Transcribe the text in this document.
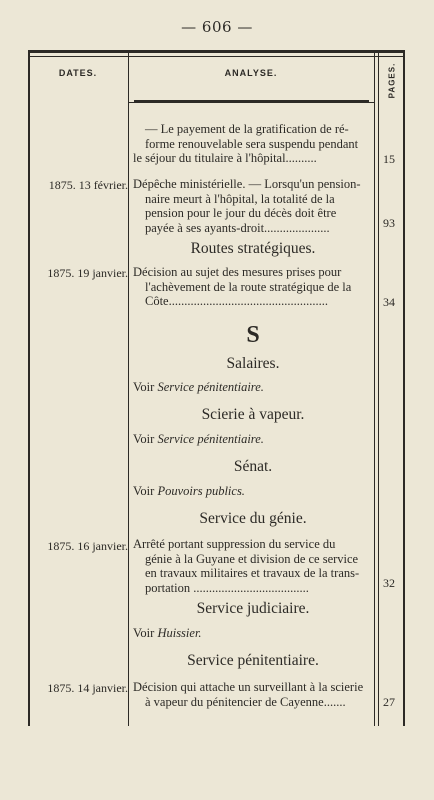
— 606 —
DATES.	ANALYSE.	PAGES.
— Le payement de la gratification de ré-
forme renouvelable sera suspendu pendant
le séjour du titulaire à l'hôpital..........	15
1875. 13 février. Dépêche ministérielle. — Lorsqu'un pension-
naire meurt à l'hôpital, la totalité de la
pension pour le jour du décès doit être
payée à ses ayants-droit.....................	93
Routes stratégiques.
1875. 19 janvier. Décision au sujet des mesures prises pour
l'achèvement de la route stratégique de la
Côte...................................................	34
S
Salaires.
Voir Service pénitentiaire.
Scierie à vapeur.
Voir Service pénitentiaire.
Sénat.
Voir Pouvoirs publics.
Service du génie.
1875. 16 janvier. Arrêté portant suppression du service du
génie à la Guyane et division de ce service
en travaux militaires et travaux de la trans-
portation .....................................	32
Service judiciaire.
Voir Huissier.
Service pénitentiaire.
1875. 14 janvier. Décision qui attache un surveillant à la scierie
à vapeur du pénitencier de Cayenne.......	27
